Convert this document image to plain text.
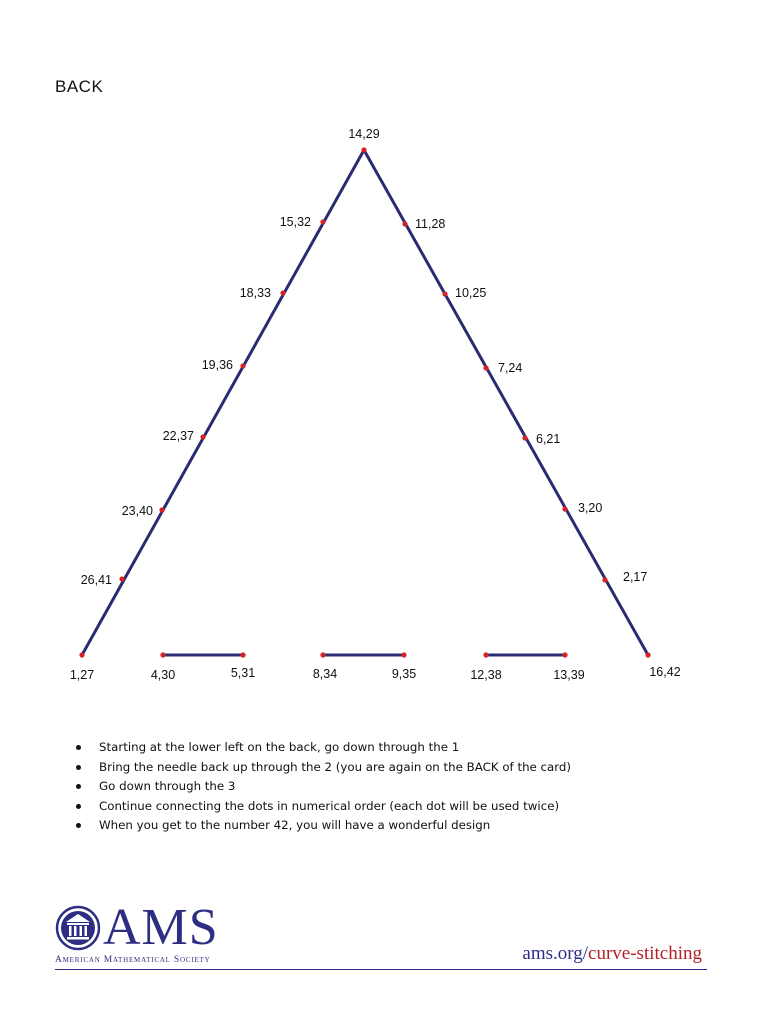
BACK
14,29
15,32
18,33
19,36
22,37
23,40
26,41
1,27
11,28
10,25
7,24
6,21
3,20
2,17
16,42
4,30	5,31	8,34	9,35	12,38	13,39
Starting at the lower left on the back, go down through the 1
Bring the needle back up through the 2 (you are again on the BACK of the card)
Go down through the 3
Continue connecting the dots in numerical order (each dot will be used twice)
When you get to the number 42, you will have a wonderful design
AMS
American Mathematical Society	ams.org/curve-stitching
